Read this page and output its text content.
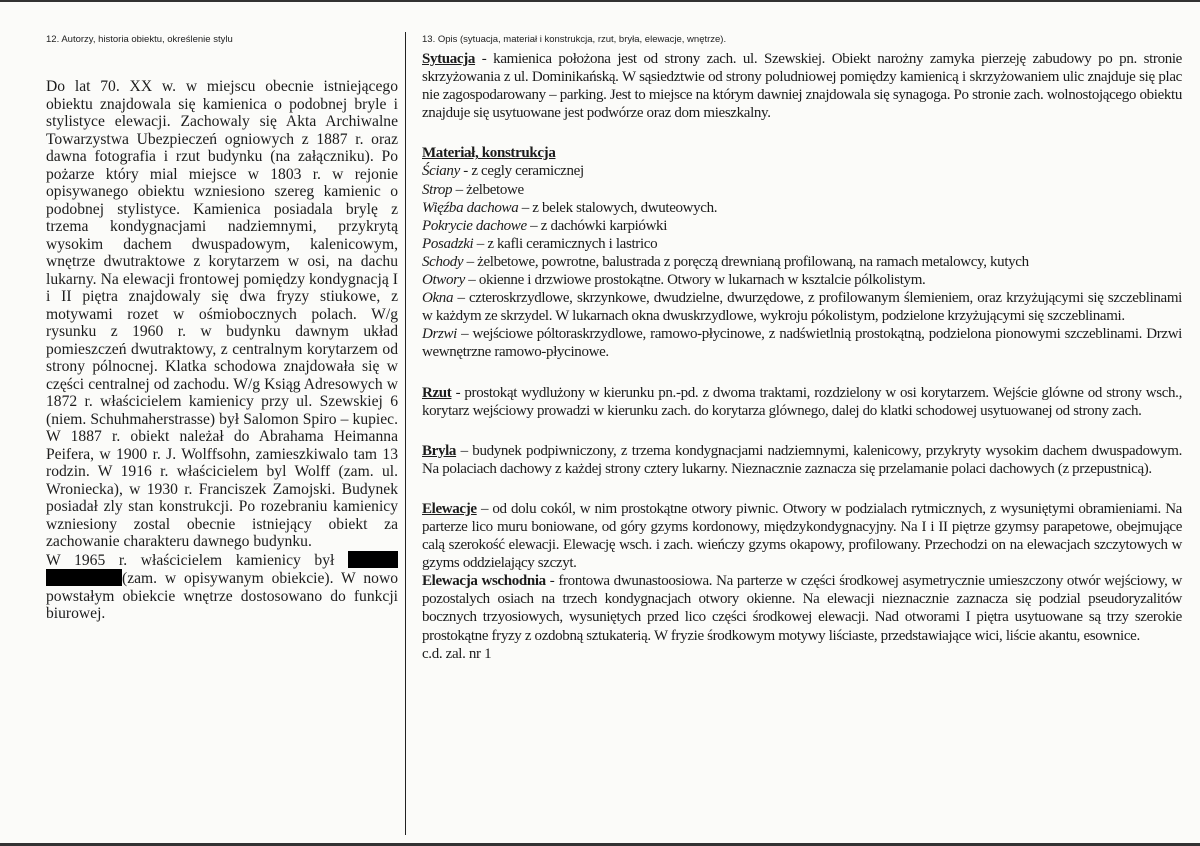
12. Autorzy, historia obiektu, określenie stylu	13. Opis (sytuacja, materiał i konstrukcja, rzut, bryła, elewacje, wnętrze).

Do lat 70. XX w. w miejscu obecnie istniejącego obiektu znajdowala się kamienica o podobnej bryle i stylistyce elewacji. Zachowaly się Akta Archiwalne Towarzystwa Ubezpieczeń ogniowych z 1887 r. oraz dawna fotografia i rzut budynku (na załączniku). Po pożarze który mial miejsce w 1803 r. w rejonie opisywanego obiektu wzniesiono szereg kamienic o podobnej stylistyce. Kamienica posiadala brylę z trzema kondygnacjami nadziemnymi, przykrytą wysokim dachem dwuspadowym, kalenicowym, wnętrze dwutraktowe z korytarzem w osi, na dachu lukarny. Na elewacji frontowej pomiędzy kondygnacją I i II piętra znajdowaly się dwa fryzy stiukowe, z motywami rozet w ośmiobocznych polach. W/g rysunku z 1960 r. w budynku dawnym układ pomieszczeń dwutraktowy, z centralnym korytarzem od strony pólnocnej. Klatka schodowa znajdowała się w części centralnej od zachodu. W/g Ksiąg Adresowych w 1872 r. właścicielem kamienicy przy ul. Szewskiej 6 (niem. Schuhmaherstrasse) był Salomon Spiro – kupiec. W 1887 r. obiekt należał do Abrahama Heimanna Peifera, w 1900 r. J. Wolffsohn, zamieszkiwalo tam 13 rodzin. W 1916 r. właścicielem byl Wolff (zam. ul. Wroniecka), w 1930 r. Franciszek Zamojski. Budynek posiadał zly stan konstrukcji. Po rozebraniu kamienicy wzniesiony zostal obecnie istniejący obiekt za zachowanie charakteru dawnego budynku.

W 1965 r. właścicielem kamienicy był  (zam. w opisywanym obiekcie). W nowo powstałym obiekcie wnętrze dostosowano do funkcji biurowej.

Sytuacja - kamienica położona jest od strony zach. ul. Szewskiej. Obiekt narożny zamyka pierzeję zabudowy po pn. stronie skrzyżowania z ul. Dominikańską. W sąsiedztwie od strony poludniowej pomiędzy kamienicą i skrzyżowaniem ulic znajduje się plac nie zagospodarowany – parking. Jest to miejsce na którym dawniej znajdowala się synagoga. Po stronie zach. wolnostojącego obiektu znajduje się usytuowane jest podwórze oraz dom mieszkalny.

Materiał, konstrukcja

Ściany - z cegly ceramicznej

Strop – żelbetowe

Więźba dachowa – z belek stalowych, dwuteowych.

Pokrycie dachowe – z dachówki karpiówki

Posadzki – z kafli ceramicznych i lastrico

Schody – żelbetowe, powrotne, balustrada z poręczą drewnianą profilowaną, na ramach metalowcy, kutych

Otwory – okienne i drzwiowe prostokątne. Otwory w lukarnach w ksztalcie pólkolistym.

Okna – czteroskrzydlowe, skrzynkowe, dwudzielne, dwurzędowe, z profilowanym ślemieniem, oraz krzyżującymi się szczeblinami w każdym ze skrzydel. W lukarnach okna dwuskrzydlowe, wykroju pókolistym, podzielone krzyżującymi się szczeblinami.

Drzwi – wejściowe póltoraskrzydlowe, ramowo-płycinowe, z nadświetlnią prostokątną, podzielona pionowymi szczeblinami. Drzwi wewnętrzne ramowo-płycinowe.

Rzut - prostokąt wydlużony w kierunku pn.-pd. z dwoma traktami, rozdzielony w osi korytarzem. Wejście glówne od strony wsch., korytarz wejściowy prowadzi w kierunku zach. do korytarza glównego, dalej do klatki schodowej usytuowanej od strony zach.

Bryla – budynek podpiwniczony, z trzema kondygnacjami nadziemnymi, kalenicowy, przykryty wysokim dachem dwuspadowym. Na polaciach dachowy z każdej strony cztery lukarny. Nieznacznie zaznacza się przelamanie polaci dachowych (z przepustnicą).

Elewacje – od dolu cokól, w nim prostokątne otwory piwnic. Otwory w podzialach rytmicznych, z wysuniętymi obramieniami. Na parterze lico muru boniowane, od góry gzyms kordonowy, międzykondygnacyjny. Na I i II piętrze gzymsy parapetowe, obejmujące calą szerokość elewacji. Elewację wsch. i zach. wieńczy gzyms okapowy, profilowany. Przechodzi on na elewacjach szczytowych w gzyms oddzielający szczyt.

Elewacja wschodnia - frontowa dwunastoosiowa. Na parterze w części środkowej asymetrycznie umieszczony otwór wejściowy, w pozostalych osiach na trzech kondygnacjach otwory okienne. Na elewacji nieznacznie zaznacza się podzial pseudoryzalitów bocznych trzyosiowych, wysuniętych przed lico części środkowej elewacji. Nad otworami I piętra usytuowane są trzy szerokie prostokątne fryzy z ozdobną sztukaterią. W fryzie środkowym motywy liściaste, przedstawiające wici, liście akantu, esownice.

c.d. zal. nr 1
